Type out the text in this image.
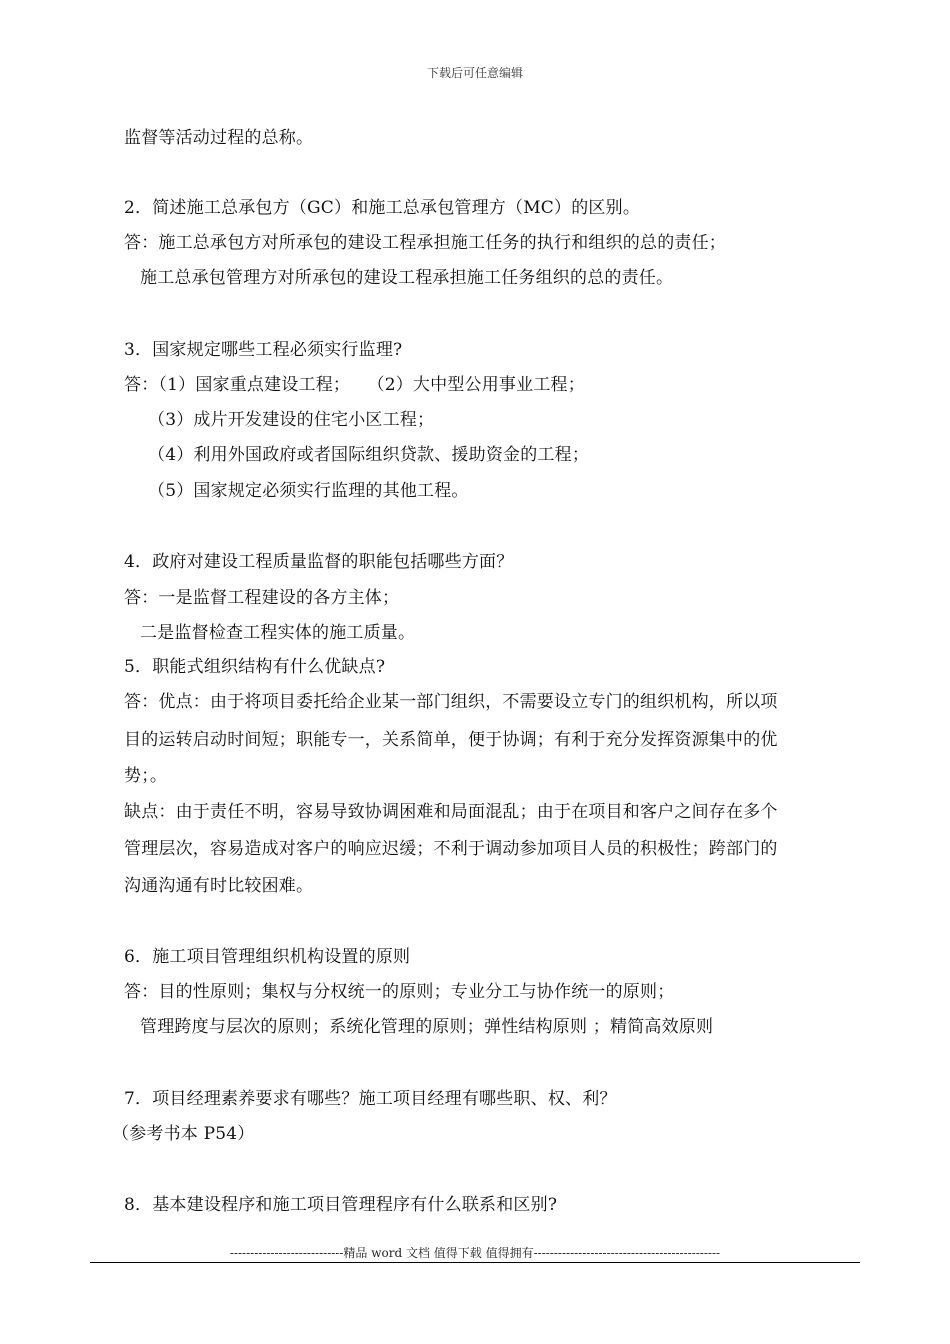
下载后可任意编辑
监督等活动过程的总称。
2．简述施工总承包方（GC）和施工总承包管理方（MC）的区别。
答：施工总承包方对所承包的建设工程承担施工任务的执行和组织的总的责任；
施工总承包管理方对所承包的建设工程承担施工任务组织的总的责任。
3．国家规定哪些工程必须实行监理?
答：（1）国家重点建设工程；　　（2）大中型公用事业工程；
（3）成片开发建设的住宅小区工程；
（4）利用外国政府或者国际组织贷款、援助资金的工程；
（5）国家规定必须实行监理的其他工程。
4．政府对建设工程质量监督的职能包括哪些方面？
答：一是监督工程建设的各方主体；
二是监督检查工程实体的施工质量。
5．职能式组织结构有什么优缺点?
答：优点：由于将项目委托给企业某一部门组织，不需要设立专门的组织机构，所以项
目的运转启动时间短；职能专一，关系简单，便于协调；有利于充分发挥资源集中的优
势；。
缺点：由于责任不明，容易导致协调困难和局面混乱；由于在项目和客户之间存在多个
管理层次，容易造成对客户的响应迟缓；不利于调动参加项目人员的积极性；跨部门的
沟通沟通有时比较困难。
6．施工项目管理组织机构设置的原则
答：目的性原则；集权与分权统一的原则；专业分工与协作统一的原则；
管理跨度与层次的原则；系统化管理的原则；弹性结构原则 ；精简高效原则
7．项目经理素养要求有哪些？施工项目经理有哪些职、权、利？
（参考书本 P54）
8．基本建设程序和施工项目管理程序有什么联系和区别?
----------------------------精品 word 文档 值得下载 值得拥有----------------------------------------------
